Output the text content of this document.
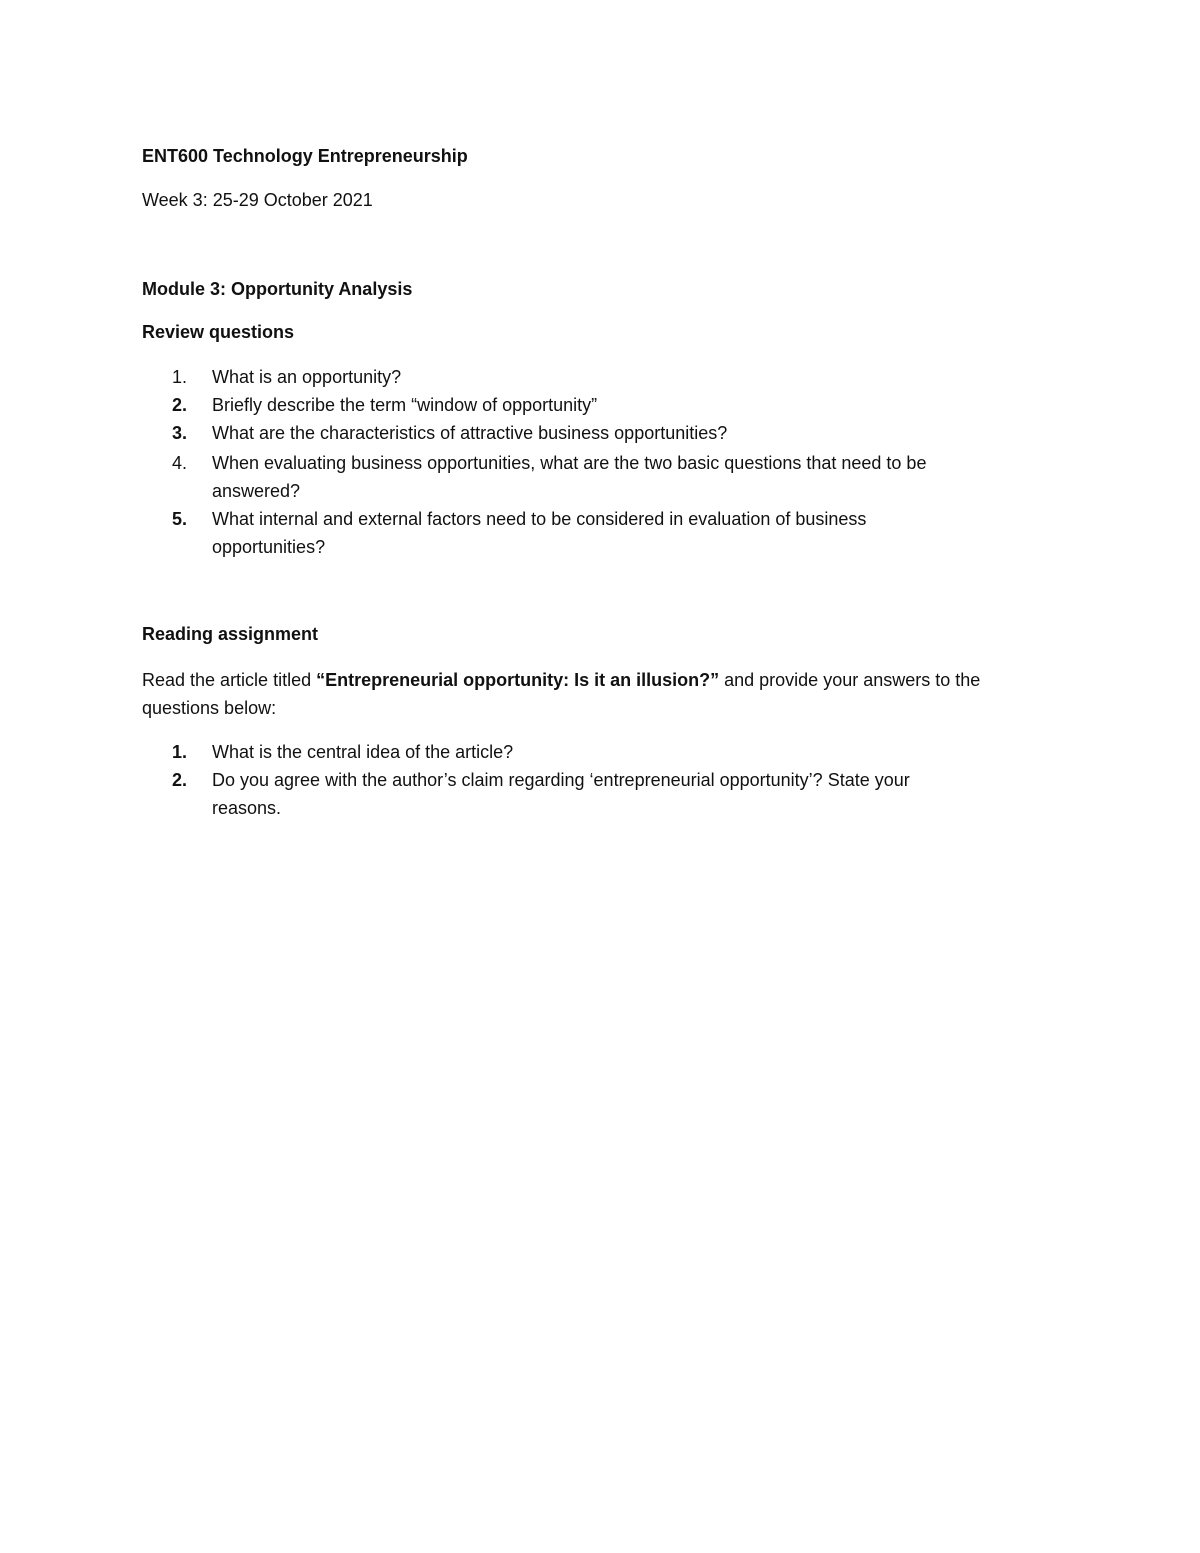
ENT600 Technology Entrepreneurship
Week 3: 25-29 October 2021
Module 3: Opportunity Analysis
Review questions
1. What is an opportunity?
2. Briefly describe the term “window of opportunity”
3. What are the characteristics of attractive business opportunities?
4. When evaluating business opportunities, what are the two basic questions that need to be
answered?
5. What internal and external factors need to be considered in evaluation of business
opportunities?
Reading assignment
Read the article titled “Entrepreneurial opportunity: Is it an illusion?” and provide your answers to the
questions below:
1. What is the central idea of the article?
2. Do you agree with the author’s claim regarding ‘entrepreneurial opportunity’? State your
reasons.
